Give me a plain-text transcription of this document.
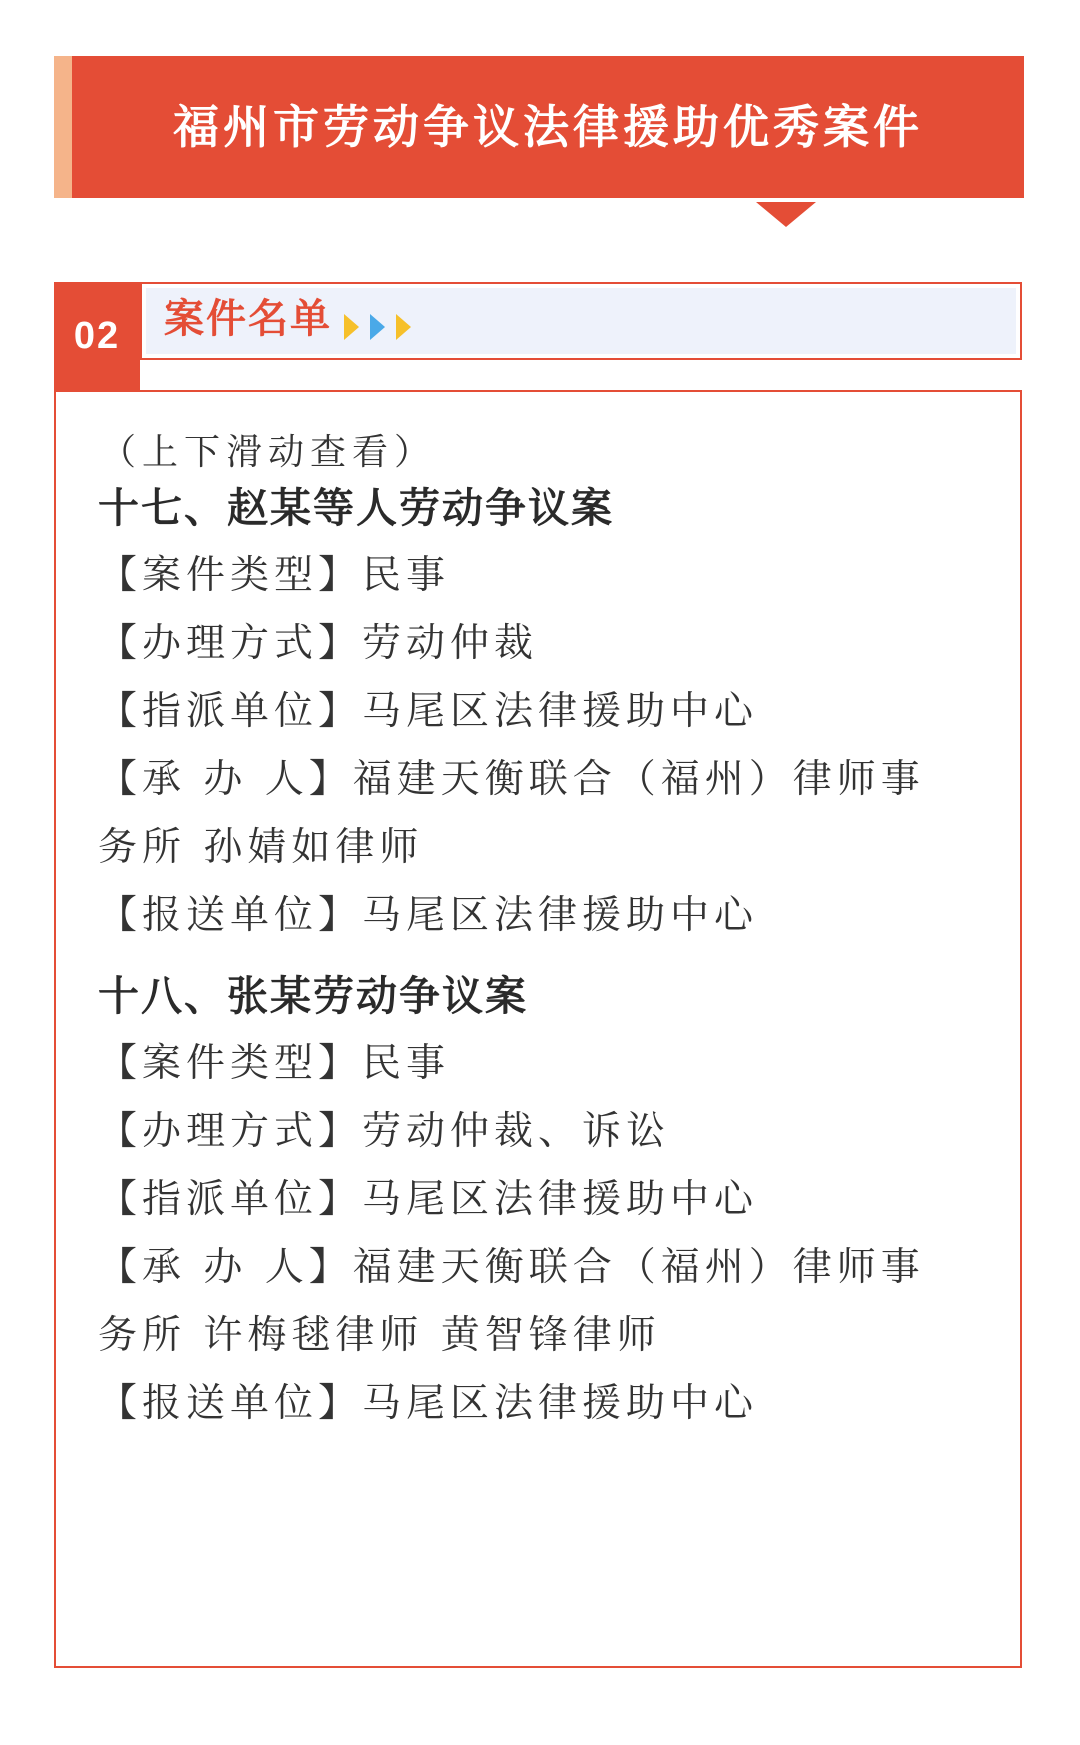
福州市劳动争议法律援助优秀案件
02	案件名单
（上下滑动查看）
十七、赵某等人劳动争议案
【案件类型】民事
【办理方式】劳动仲裁
【指派单位】马尾区法律援助中心
【承 办 人】福建天衡联合（福州）律师事
务所 孙婧如律师
【报送单位】马尾区法律援助中心
十八、张某劳动争议案
【案件类型】民事
【办理方式】劳动仲裁、诉讼
【指派单位】马尾区法律援助中心
【承 办 人】福建天衡联合（福州）律师事
务所 许梅毬律师 黄智锋律师
【报送单位】马尾区法律援助中心
